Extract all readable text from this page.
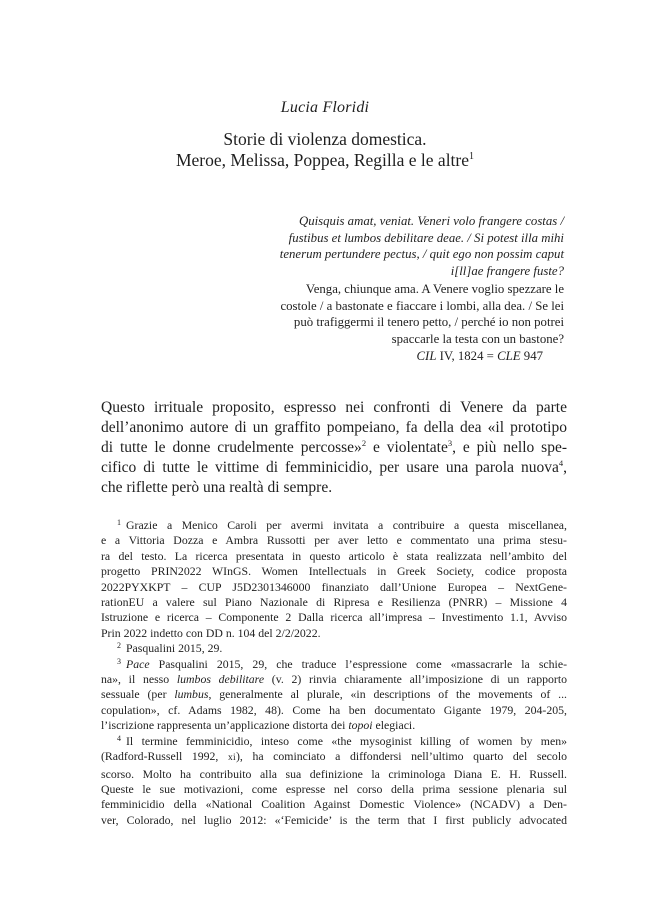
Lucia Floridi
Storie di violenza domestica.
Meroe, Melissa, Poppea, Regilla e le altre$^1$
Quisquis amat, veniat. Veneri volo frangere costas /
fustibus et lumbos debilitare deae. / Si potest illa mihi
tenerum pertundere pectus, / quit ego non possim caput
i[ll]ae frangere fuste?
Venga, chiunque ama. A Venere voglio spezzare le
costole / a bastonate e fiaccare i lombi, alla dea. / Se lei
può trafiggermi il tenero petto, / perché io non potrei
spaccarle la testa con un bastone?
CIL IV, 1824 = CLE 947
Questo irrituale proposito, espresso nei confronti di Venere da parte
dell’anonimo autore di un graffito pompeiano, fa della dea «il prototipo
di tutte le donne crudelmente percosse»$^2$ e violentate$^3$, e più nello spe-
cifico di tutte le vittime di femminicidio, per usare una parola nuova$^4$,
che riflette però una realtà di sempre.
$^1$ Grazie a Menico Caroli per avermi invitata a contribuire a questa miscellanea,
e a Vittoria Dozza e Ambra Russotti per aver letto e commentato una prima stesu-
ra del testo. La ricerca presentata in questo articolo è stata realizzata nell’ambito del
progetto PRIN2022 WInGS. Women Intellectuals in Greek Society, codice proposta
2022PYXKPT – CUP J5D2301346000 finanziato dall’Unione Europea – NextGene-
rationEU a valere sul Piano Nazionale di Ripresa e Resilienza (PNRR) – Missione 4
Istruzione e ricerca – Componente 2 Dalla ricerca all’impresa – Investimento 1.1, Avviso
Prin 2022 indetto con DD n. 104 del 2/2/2022.
$^2$ Pasqualini 2015, 29.
$^3$ Pace Pasqualini 2015, 29, che traduce l’espressione come «massacrarle la schie-
na», il nesso lumbos debilitare (v. 2) rinvia chiaramente all’imposizione di un rapporto
sessuale (per lumbus, generalmente al plurale, «in descriptions of the movements of ...
copulation», cf. Adams 1982, 48). Come ha ben documentato Gigante 1979, 204-205,
l’iscrizione rappresenta un’applicazione distorta dei topoi elegiaci.
$^4$ Il termine femminicidio, inteso come «the mysoginist killing of women by men»
(Radford-Russell 1992, xi), ha cominciato a diffondersi nell’ultimo quarto del secolo
scorso. Molto ha contribuito alla sua definizione la criminologa Diana E. H. Russell.
Queste le sue motivazioni, come espresse nel corso della prima sessione plenaria sul
femminicidio della «National Coalition Against Domestic Violence» (NCADV) a Den-
ver, Colorado, nel luglio 2012: «‘Femicide’ is the term that I first publicly advocated
